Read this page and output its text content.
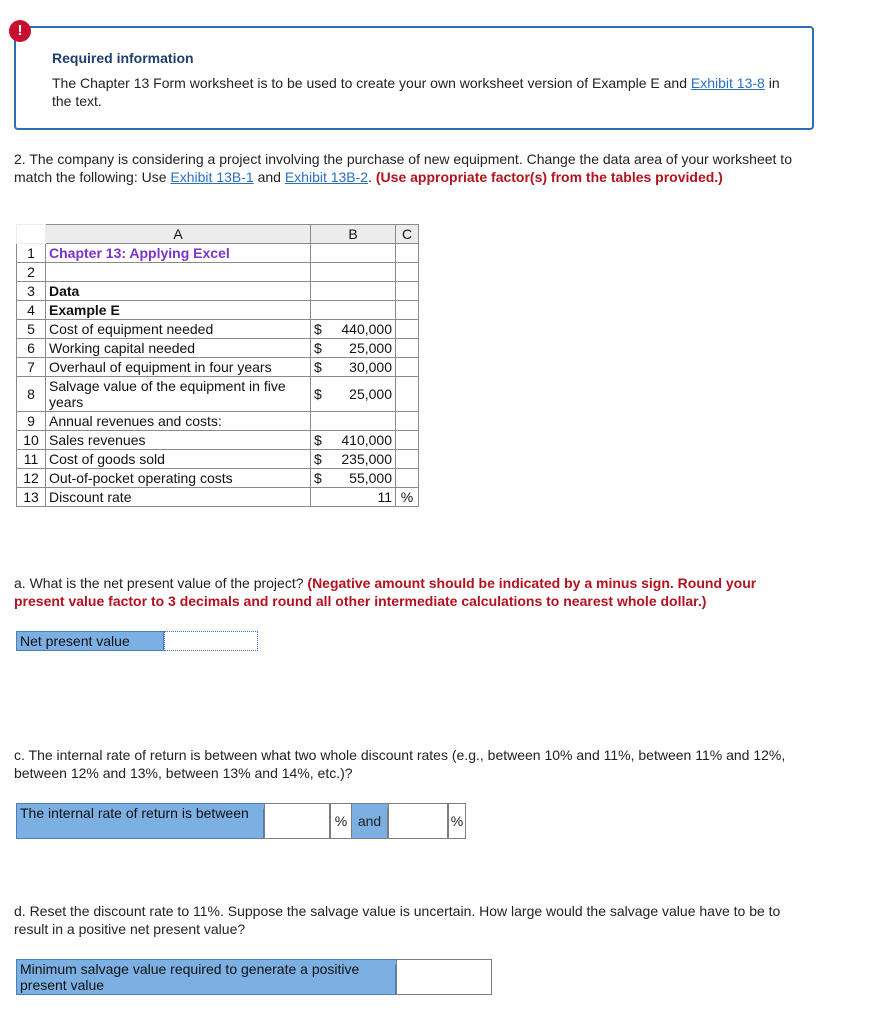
!
Required information
The Chapter 13 Form worksheet is to be used to create your own worksheet version of Example E and Exhibit 13-8 in the text.
2. The company is considering a project involving the purchase of new equipment. Change the data area of your worksheet to match the following: Use Exhibit 13B-1 and Exhibit 13B-2. (Use appropriate factor(s) from the tables provided.)
	A	B	C
1	Chapter 13: Applying Excel		
2			
3	Data		
4	Example E		
5	Cost of equipment needed	$ 440,000	

6	Working capital needed	$ 25,000	

7	Overhaul of equipment in four years	$ 30,000	

8	Salvage value of the equipment in five years	$ 25,000	

9	Annual revenues and costs:		
10	Sales revenues	$ 410,000	

11	Cost of goods sold	$ 235,000	

12	Out-of-pocket operating costs	$ 55,000	

13	Discount rate	11	%
a. What is the net present value of the project? (Negative amount should be indicated by a minus sign. Round your present value factor to 3 decimals and round all other intermediate calculations to nearest whole dollar.)
Net present value
c. The internal rate of return is between what two whole discount rates (e.g., between 10% and 11%, between 11% and 12%, between 12% and 13%, between 13% and 14%, etc.)?
The internal rate of return is between	% and	%
d. Reset the discount rate to 11%. Suppose the salvage value is uncertain. How large would the salvage value have to be to result in a positive net present value?
Minimum salvage value required to generate a positive present value
